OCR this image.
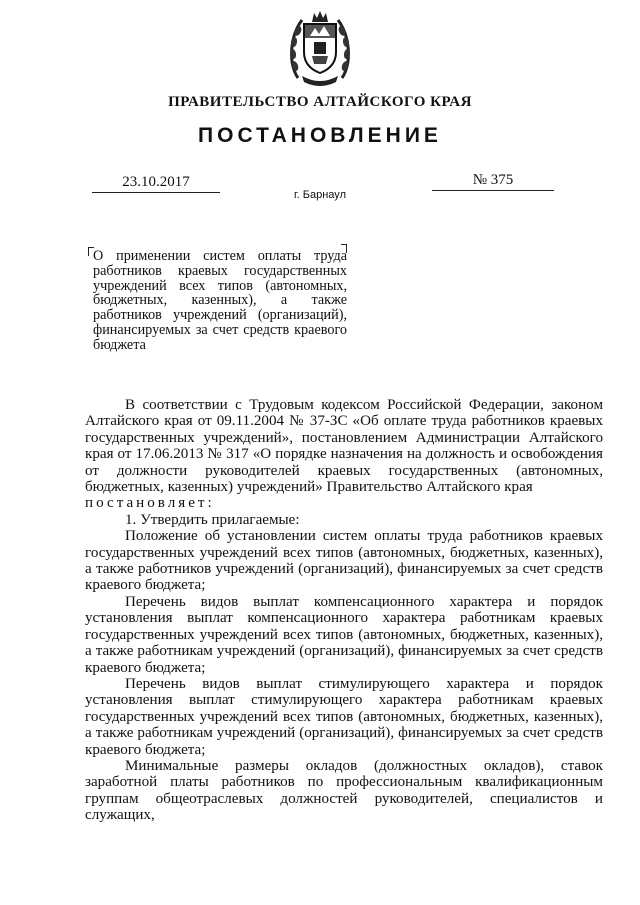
ПРАВИТЕЛЬСТВО АЛТАЙСКОГО КРАЯ
ПОСТАНОВЛЕНИЕ
23.10.2017	№ 375
г. Барнаул
О применении систем оплаты труда работников краевых государственных учреждений всех типов (автономных, бюджетных, казенных), а также работников учреждений (организаций), финансируемых за счет средств краевого бюджета

В соответствии с Трудовым кодексом Российской Федерации, законом Алтайского края от 09.11.2004 № 37-ЗС «Об оплате труда работников краевых государственных учреждений», постановлением Администрации Алтайского края от 17.06.2013 № 317 «О порядке назначения на должность и освобождения от должности руководителей краевых государственных (автономных, бюджетных, казенных) учреждений» Правительство Алтайского края

постановляет:

1. Утвердить прилагаемые:

Положение об установлении систем оплаты труда работников краевых государственных учреждений всех типов (автономных, бюджетных, казенных), а также работников учреждений (организаций), финансируемых за счет средств краевого бюджета;

Перечень видов выплат компенсационного характера и порядок установления выплат компенсационного характера работникам краевых государственных учреждений всех типов (автономных, бюджетных, казенных), а также работникам учреждений (организаций), финансируемых за счет средств краевого бюджета;

Перечень видов выплат стимулирующего характера и порядок установления выплат стимулирующего характера работникам краевых государственных учреждений всех типов (автономных, бюджетных, казенных), а также работникам учреждений (организаций), финансируемых за счет средств краевого бюджета;

Минимальные размеры окладов (должностных окладов), ставок заработной платы работников по профессиональным квалификационным группам общеотраслевых должностей руководителей, специалистов и служащих,
